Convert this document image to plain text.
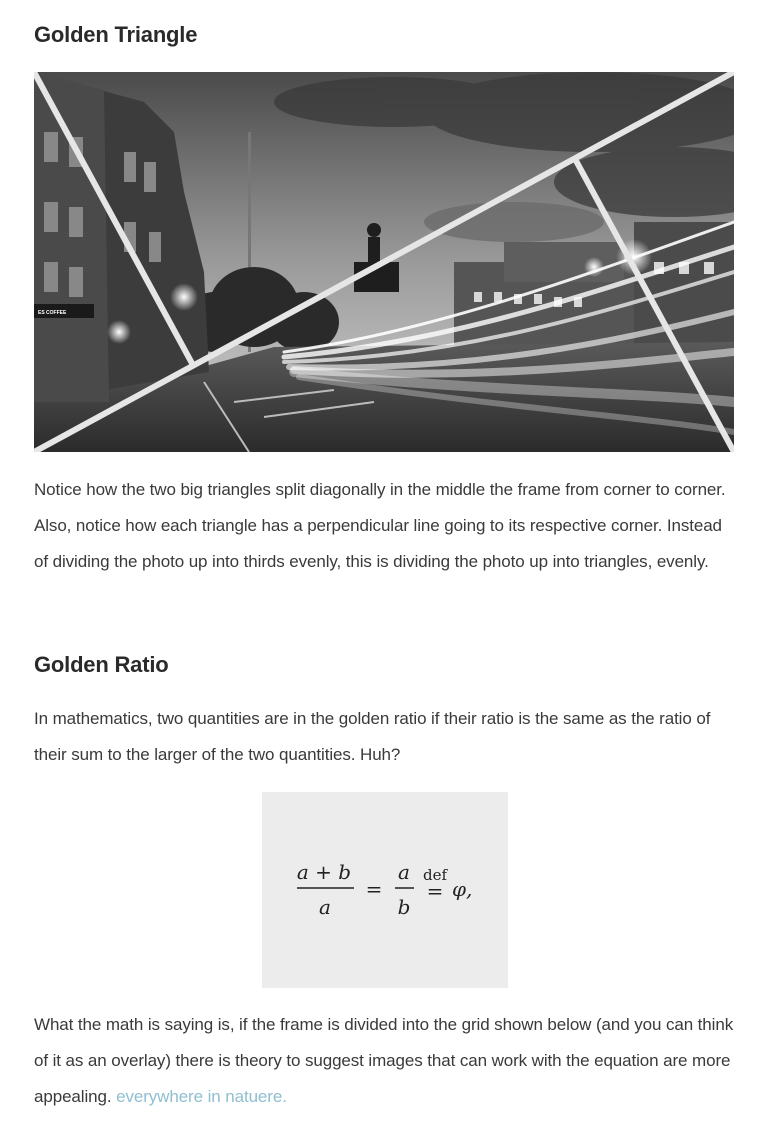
Golden Triangle
ES COFFEE

Notice how the two big triangles split diagonally in the middle the frame from corner to corner. Also, notice how each triangle has a perpendicular line going to its respective corner. Instead of dividing the photo up into thirds evenly, this is dividing the photo up into triangles, evenly.

Golden Ratio

In mathematics, two quantities are in the golden ratio if their ratio is the same as the ratio of their sum to the larger of the two quantities. Huh?

a + b
a
=
a
b
def
= φ,

What the math is saying is, if the frame is divided into the grid shown below (and you can think of it as an overlay) there is theory to suggest images that can work with the equation are more appealing. everywhere in natuere.
